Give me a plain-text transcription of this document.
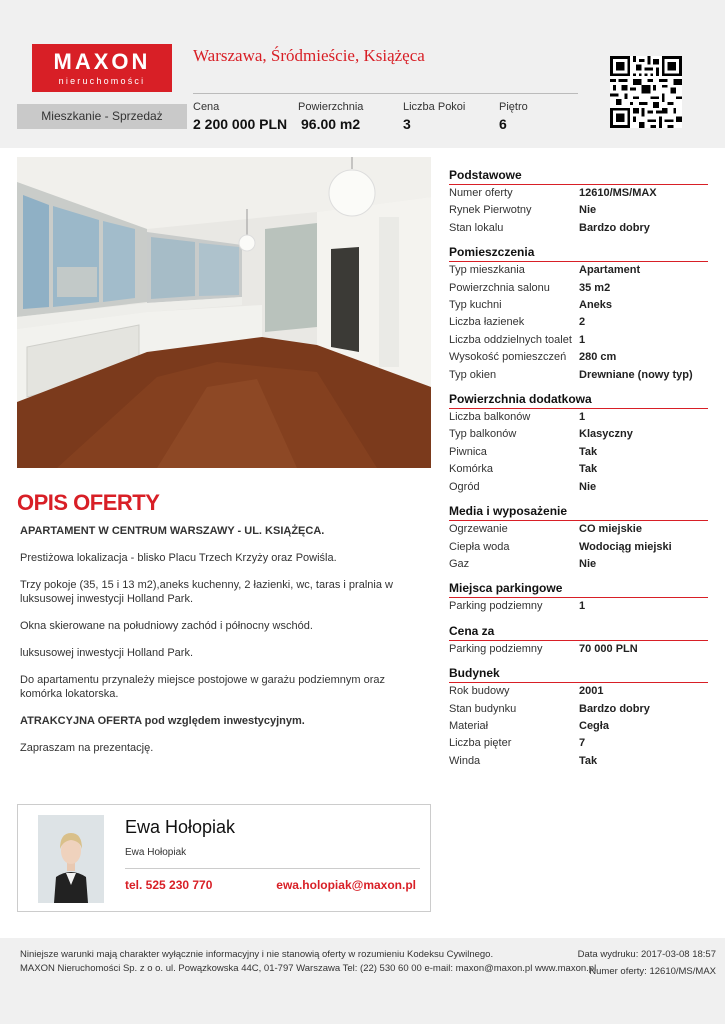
MAXON
nieruchomości
Warszawa, Śródmieście, Książęca
Mieszkanie - Sprzedaż
Cena
2 200 000 PLN
Powierzchnia
96.00 m2
Liczba Pokoi
3
Piętro
6
OPIS OFERTY

APARTAMENT W CENTRUM WARSZAWY - UL. KSIĄŻĘCA.

Prestiżowa lokalizacja - blisko Placu Trzech Krzyży oraz Powiśla.

Trzy pokoje (35, 15 i 13 m2),aneks kuchenny, 2 łazienki, wc, taras i pralnia w luksusowej inwestycji Holland Park.

Okna skierowane na południowy zachód i północny wschód.

luksusowej inwestycji Holland Park.

Do apartamentu przynależy miejsce postojowe w garażu podziemnym oraz komórka lokatorska.

ATRAKCYJNA OFERTA pod względem inwestycyjnym.

Zapraszam na prezentację.

Podstawowe
Numer oferty	12610/MS/MAX
Rynek Pierwotny	Nie
Stan lokalu	Bardzo dobry
Pomieszczenia
Typ mieszkania	Apartament
Powierzchnia salonu	35 m2
Typ kuchni	Aneks
Liczba łazienek	2
Liczba oddzielnych toalet 1
Wysokość pomieszczeń	280 cm
Typ okien	Drewniane (nowy typ)
Powierzchnia dodatkowa
Liczba balkonów	1
Typ balkonów	Klasyczny
Piwnica	Tak
Komórka	Tak
Ogród	Nie
Media i wyposażenie
Ogrzewanie	CO miejskie
Ciepła woda	Wodociąg miejski
Gaz	Nie
Miejsca parkingowe
Parking podziemny	1
Cena za
Parking podziemny	70 000 PLN
Budynek
Rok budowy	2001
Stan budynku	Bardzo dobry
Materiał	Cegła
Liczba pięter	7
Winda	Tak
Ewa Hołopiak
Ewa Hołopiak
tel. 525 230 770	ewa.holopiak@maxon.pl
Niniejsze warunki mają charakter wyłącznie informacyjny i nie stanowią oferty w rozumieniu Kodeksu Cywilnego.
MAXON Nieruchomości Sp. z o o. ul. Powązkowska 44C, 01-797 Warszawa Tel: (22) 530 60 00 e-mail: maxon@maxon.pl www.maxon.pl
Data wydruku: 2017-03-08 18:57
Numer oferty: 12610/MS/MAX
